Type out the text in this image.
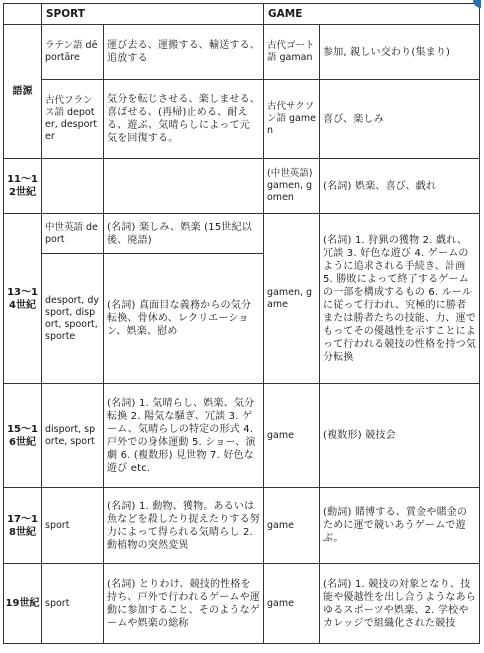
	SPORT		GAME	
語源	ラテン語 dēportāre	運び去る、運搬する、輸送する、追放する	古代ゴート語 gaman	参加, 親しい交わり(集まり)
	古代フランス語 depoter, desporter	気分を転じさせる、楽しませる、喜ばせる、(再帰)止める、耐える、遊ぶ、気晴らしによって元気を回復する。	古代サクソン語 gamen	喜び、楽しみ
11～12世紀			(中世英語) gamen, gomen	(名詞) 娯楽、喜び、戯れ
13～14世紀	中世英語 deport	(名詞) 楽しみ、娯楽 (15世紀以後、廃語)	gamen, game	(名詞) 1. 狩猟の獲物 2. 戯れ、冗談 3. 好色な遊び 4. ゲームのように追求される手続き、計画 5. 勝敗によって終了するゲームの一部を構成するもの 6. ルールに従って行われ、究極的に勝者または勝者たちの技能、力、運でもってその優越性を示すことによって行われる競技の性格を持つ気分転換
	desport, dysport, disport, spoort, sporte	(名詞) 真面目な義務からの気分転換、骨休め、レクリエーション、娯楽、慰め		
15～16世紀	disport, sporte, sport	(名詞) 1. 気晴らし、娯楽、気分転換 2. 陽気な騒ぎ、冗談 3. ゲーム、気晴らしの特定の形式 4. 戸外での身体運動 5. ショー、演劇 6. (複数形) 見世物 7. 好色な遊び etc.	game	(複数形) 競技会
17～18世紀	sport	(名詞) 1. 動物、獲物。あるいは魚などを殺したり捉えたりする努力によって得られる気晴らし 2. 動植物の突然変異	game	(動詞) 賭博する、賞金や賭金のために運で競いあうゲームで遊ぶ。
19世紀	sport	(名詞) とりわけ、競技的性格を持ち、戸外で行われるゲームや運動に参加すること、そのようなゲームや娯楽の総称	game	(名詞) 1. 競技の対象となり、技能や優越性を出し合うようなあらゆるスポーツや娯楽、2. 学校やカレッジで組織化された競技
